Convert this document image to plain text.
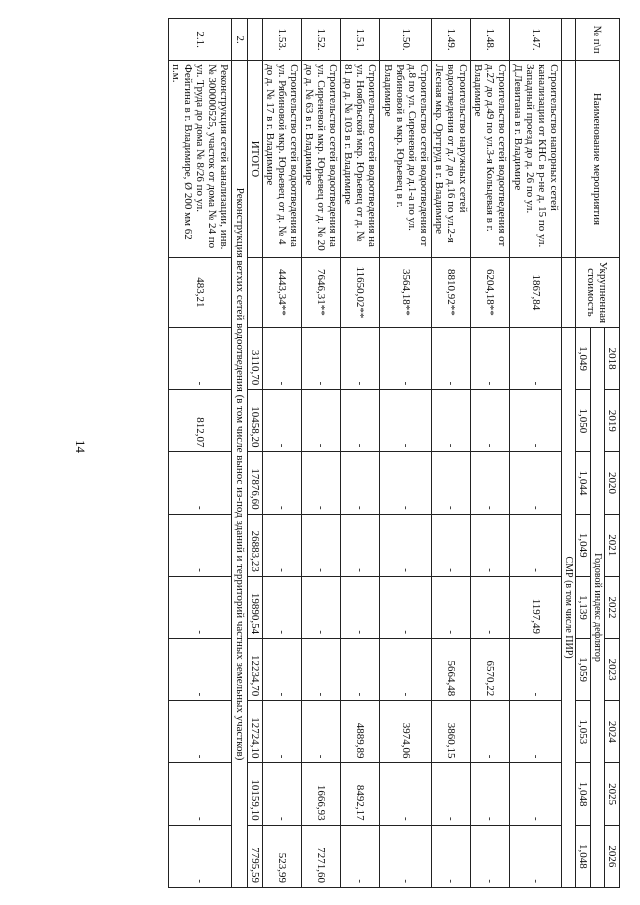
14
№ п\п	Наименование мероприятия	Укрупненная стоимость	2018	2019	2020	2021	2022	2023	2024	2025	2026
			Годовой индекс дефлятор								
			1,049	1,050	1,044	1,049	1,139	1,059	1,053	1,048	1,048
			СМР (в том числе ПИР)								
1.47.	Строительство напорных сетей канализации от КНС в р-не д. 15 по ул. Западный проезд до д. 26 по ул. Д.Левитана в г. Владимире	1867,84	-	-	-	-	1197,49	-	-	-	-
1.48.	Строительство сетей водоотведения от д.27 до д.49 по ул.3-я Кольцевая в г. Владимире	6204,18**	-	-	-	-	-	6570,22	-	-	-
1.49.	Строительство наружных сетей водоотведения от д.7 до д.16 по ул.2-я Лесная мкр. Оргтруд в г. Владимире	8810,92**	-	-	-	-	-	5664,48	3860,15	-	-
1.50.	Строительство сетей водоотведения от д.8 по ул. Сиреневой до д.1-а по ул. Рябиновой в мкр. Юрьевец в г. Владимире	3564,18**	-	-	-	-	-	-	3974,06	-	-
1.51.	Строительство сетей водоотведения на ул. Ноябрьской мкр. Юрьевец от д. № 81 до д. № 103 в г. Владимире	11650,02**	-	-	-	-	-	-	4889,89	8492,17	-
1.52.	Строительство сетей водоотведения на ул. Сиреневой мкр. Юрьевец от д. № 20 до д. № 63 в г. Владимире	7646,31**	-	-	-	-	-	-	-	1666,93	7271,60
1.53.	Строительство сетей водоотведения на ул. Рябиновой мкр. Юрьевец от д. № 4 до д. № 17 в г. Владимире	4443,34**	-	-	-	-	-	-	-	-	523,99
	ИТОГО		3110,70	10458,20	17876,60	26883,23	19890,54	12234,70	12724,10	10159,10	7795,59
2.	Реконструкция ветхих сетей водоотведения (в том числе вынос из-под зданий и территорий частных земельных участков)										
2.1.	Реконструкция сетей канализации, инв. № 300000525, участок от дома № 24 по ул. Труда до дома № 8/26 по ул. Фейгина в г. Владимире, Ø 200 мм 62 п.м.	483,21	-	812,07	-	-	-	-	-	-	-
